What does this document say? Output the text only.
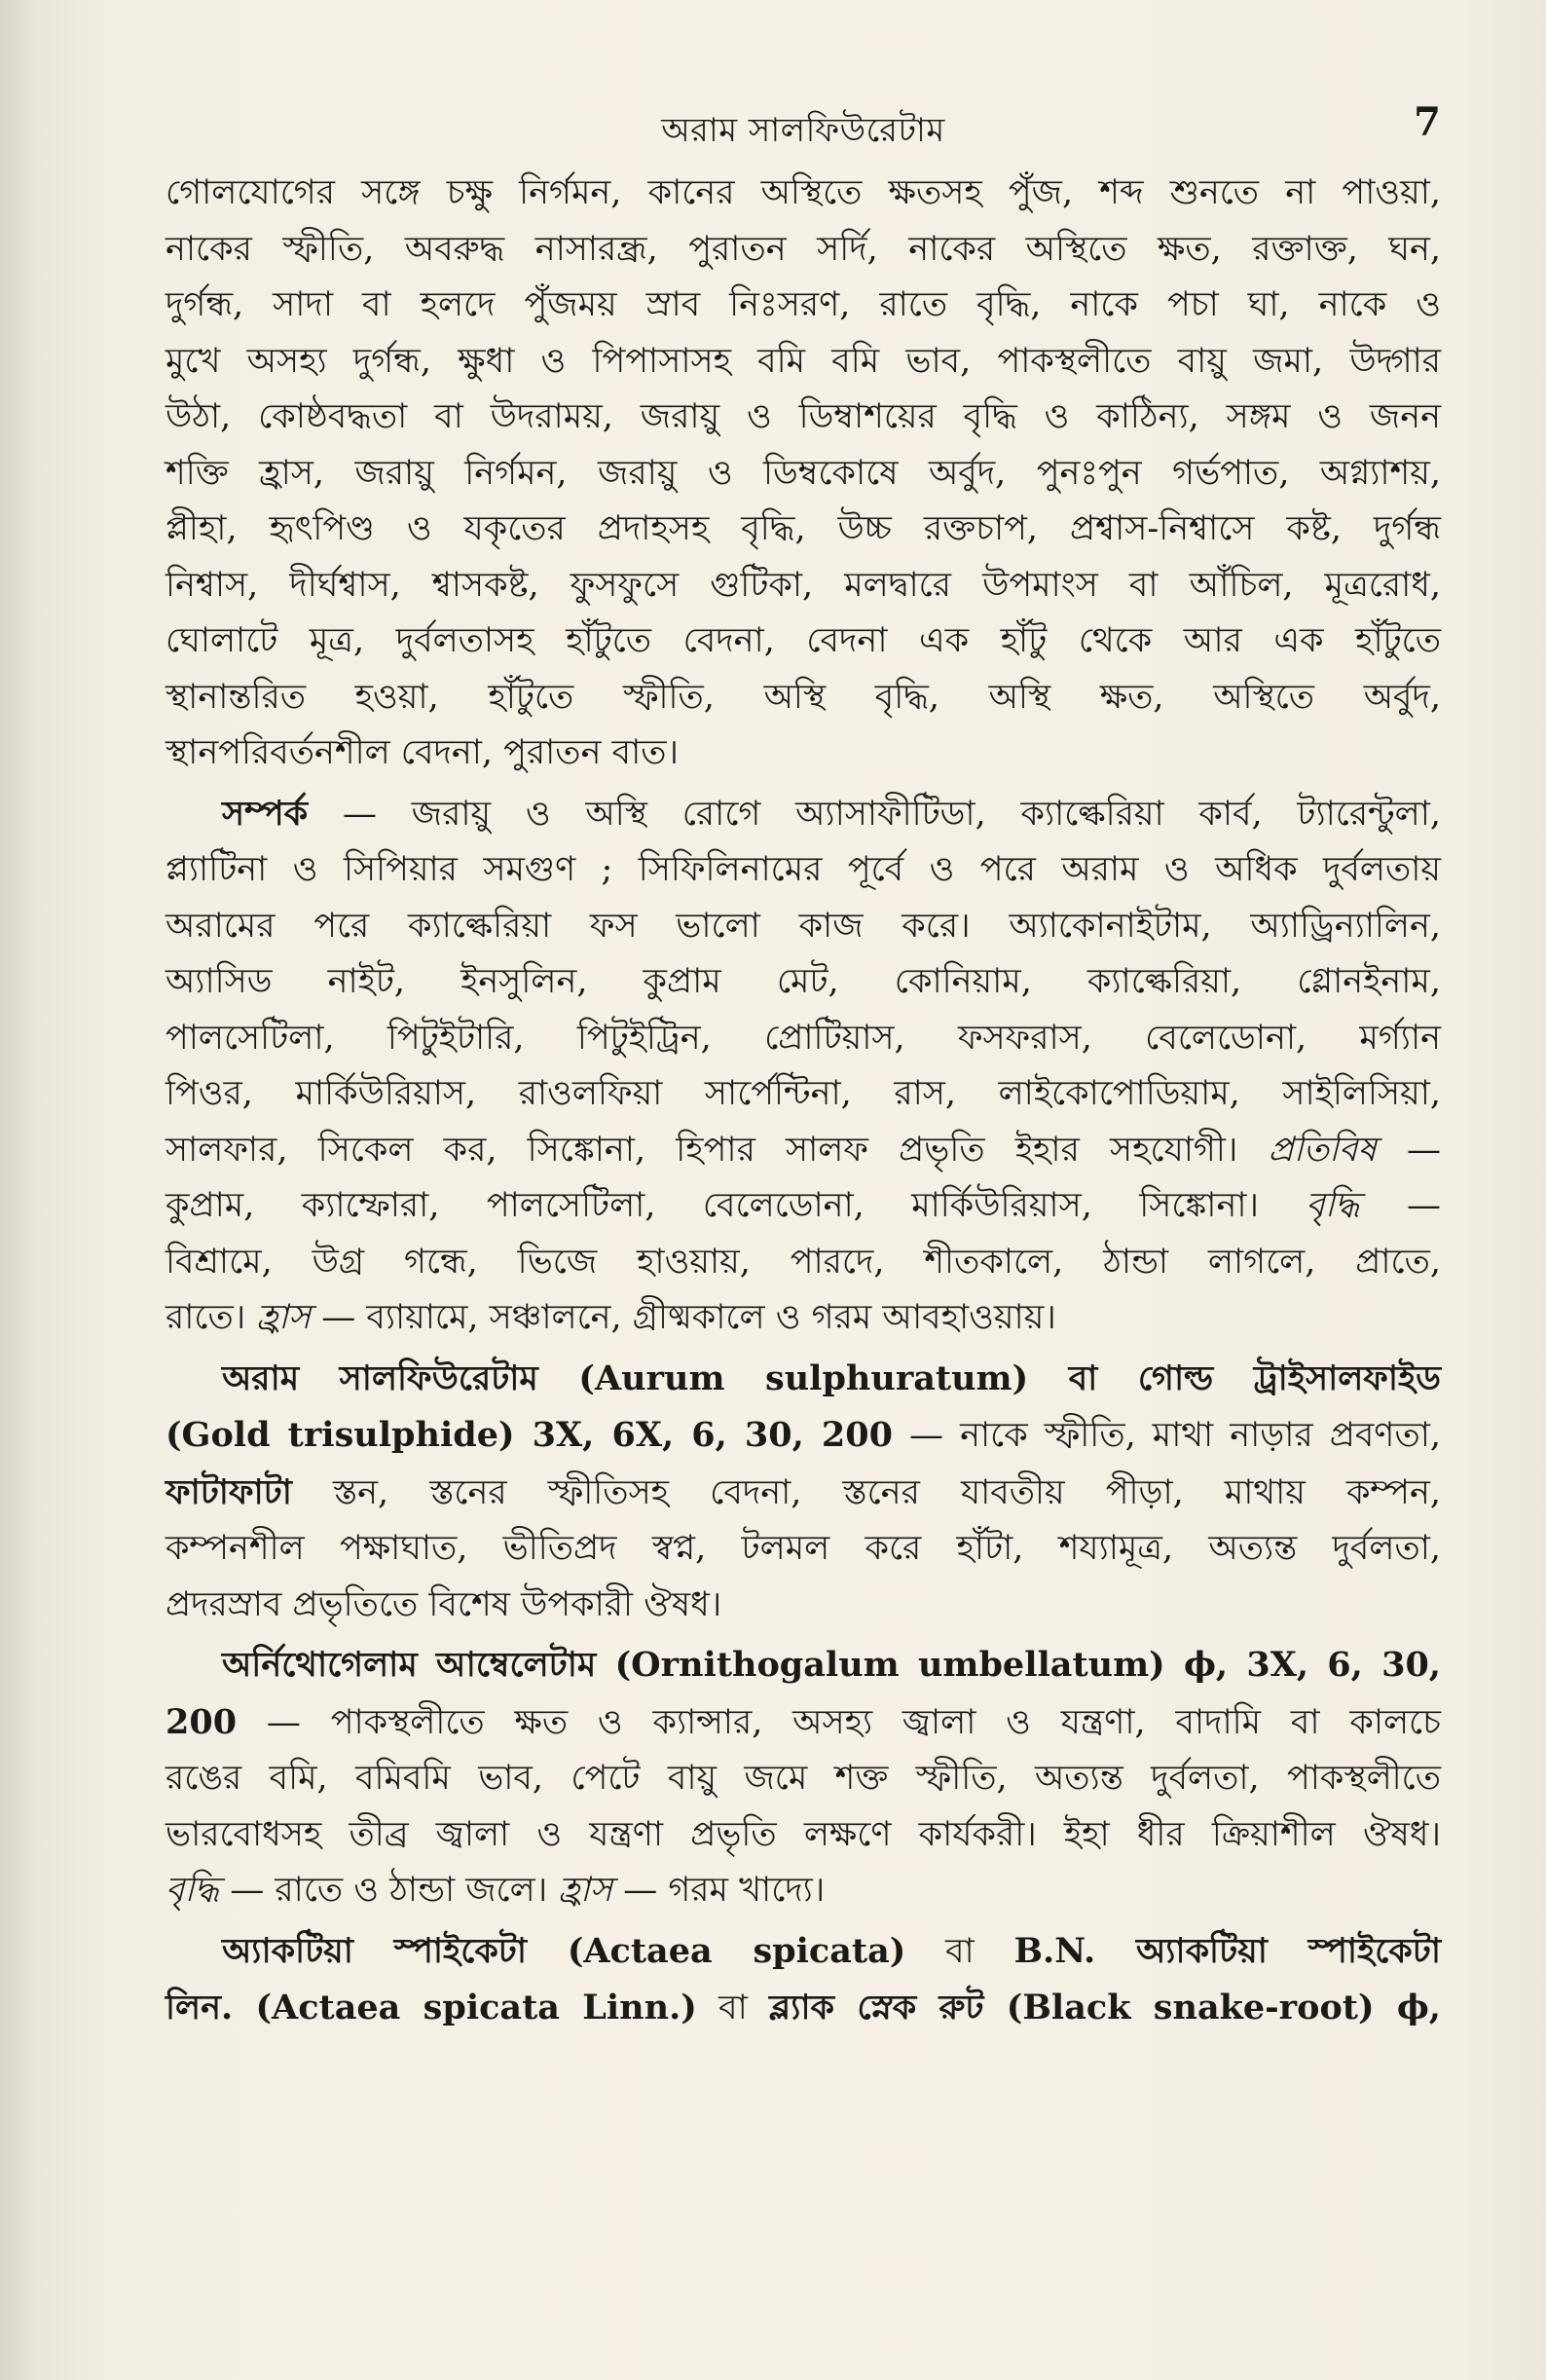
অরাম সালফিউরেটাম	7

গোলযোগের সঙ্গে চক্ষু নির্গমন, কানের অস্থিতে ক্ষতসহ পুঁজ, শব্দ শুনতে না পাওয়া,
নাকের স্ফীতি, অবরুদ্ধ নাসারন্ধ্র, পুরাতন সর্দি, নাকের অস্থিতে ক্ষত, রক্তাক্ত, ঘন,
দুর্গন্ধ, সাদা বা হলদে পুঁজময় স্রাব নিঃসরণ, রাতে বৃদ্ধি, নাকে পচা ঘা, নাকে ও
মুখে অসহ্য দুর্গন্ধ, ক্ষুধা ও পিপাসাসহ বমি বমি ভাব, পাকস্থলীতে বায়ু জমা, উদ্গার
উঠা, কোষ্ঠবদ্ধতা বা উদরাময়, জরায়ু ও ডিম্বাশয়ের বৃদ্ধি ও কাঠিন্য, সঙ্গম ও জনন
শক্তি হ্রাস, জরায়ু নির্গমন, জরায়ু ও ডিম্বকোষে অর্বুদ, পুনঃপুন গর্ভপাত, অগ্ন্যাশয়,
প্লীহা, হৃৎপিণ্ড ও যকৃতের প্রদাহসহ বৃদ্ধি, উচ্চ রক্তচাপ, প্রশ্বাস-নিশ্বাসে কষ্ট, দুর্গন্ধ
নিশ্বাস, দীর্ঘশ্বাস, শ্বাসকষ্ট, ফুসফুসে গুটিকা, মলদ্বারে উপমাংস বা আঁচিল, মূত্ররোধ,
ঘোলাটে মূত্র, দুর্বলতাসহ হাঁটুতে বেদনা, বেদনা এক হাঁটু থেকে আর এক হাঁটুতে
স্থানান্তরিত হওয়া, হাঁটুতে স্ফীতি, অস্থি বৃদ্ধি, অস্থি ক্ষত, অস্থিতে অর্বুদ,
স্থানপরিবর্তনশীল বেদনা, পুরাতন বাত।

সম্পর্ক — জরায়ু ও অস্থি রোগে অ্যাসাফীটিডা, ক্যাল্কেরিয়া কার্ব, ট্যারেন্টুলা,
প্ল্যাটিনা ও সিপিয়ার সমগুণ ; সিফিলিনামের পূর্বে ও পরে অরাম ও অধিক দুর্বলতায়
অরামের পরে ক্যাল্কেরিয়া ফস ভালো কাজ করে। অ্যাকোনাইটাম, অ্যাড্রিন্যালিন,
অ্যাসিড নাইট, ইনসুলিন, কুপ্রাম মেট, কোনিয়াম, ক্যাল্কেরিয়া, গ্লোনইনাম,
পালসেটিলা, পিটুইটারি, পিটুইট্রিন, প্রোটিয়াস, ফসফরাস, বেলেডোনা, মর্গ্যান
পিওর, মার্কিউরিয়াস, রাওলফিয়া সার্পেন্টিনা, রাস, লাইকোপোডিয়াম, সাইলিসিয়া,
সালফার, সিকেল কর, সিঙ্কোনা, হিপার সালফ প্রভৃতি ইহার সহযোগী। প্রতিবিষ —
কুপ্রাম, ক্যাম্ফোরা, পালসেটিলা, বেলেডোনা, মার্কিউরিয়াস, সিঙ্কোনা। বৃদ্ধি —
বিশ্রামে, উগ্র গন্ধে, ভিজে হাওয়ায়, পারদে, শীতকালে, ঠান্ডা লাগলে, প্রাতে,
রাতে। হ্রাস — ব্যায়ামে, সঞ্চালনে, গ্রীষ্মকালে ও গরম আবহাওয়ায়।

অরাম সালফিউরেটাম (Aurum sulphuratum) বা গোল্ড ট্রাইসালফাইড
(Gold trisulphide) 3X, 6X, 6, 30, 200 — নাকে স্ফীতি, মাথা নাড়ার প্রবণতা,
ফাটাফাটা স্তন, স্তনের স্ফীতিসহ বেদনা, স্তনের যাবতীয় পীড়া, মাথায় কম্পন,
কম্পনশীল পক্ষাঘাত, ভীতিপ্রদ স্বপ্ন, টলমল করে হাঁটা, শয্যামূত্র, অত্যন্ত দুর্বলতা,
প্রদরস্রাব প্রভৃতিতে বিশেষ উপকারী ঔষধ।

অর্নিথোগেলাম আম্বেলেটাম (Ornithogalum umbellatum) ϕ, 3X, 6, 30,
200 — পাকস্থলীতে ক্ষত ও ক্যান্সার, অসহ্য জ্বালা ও যন্ত্রণা, বাদামি বা কালচে
রঙের বমি, বমিবমি ভাব, পেটে বায়ু জমে শক্ত স্ফীতি, অত্যন্ত দুর্বলতা, পাকস্থলীতে
ভারবোধসহ তীব্র জ্বালা ও যন্ত্রণা প্রভৃতি লক্ষণে কার্যকরী। ইহা ধীর ক্রিয়াশীল ঔষধ।
বৃদ্ধি — রাতে ও ঠান্ডা জলে। হ্রাস — গরম খাদ্যে।

অ্যাকটিয়া স্পাইকেটা (Actaea spicata) বা B.N. অ্যাকটিয়া স্পাইকেটা
লিন. (Actaea spicata Linn.) বা ব্ল্যাক স্নেক রুট (Black snake-root) ϕ,
